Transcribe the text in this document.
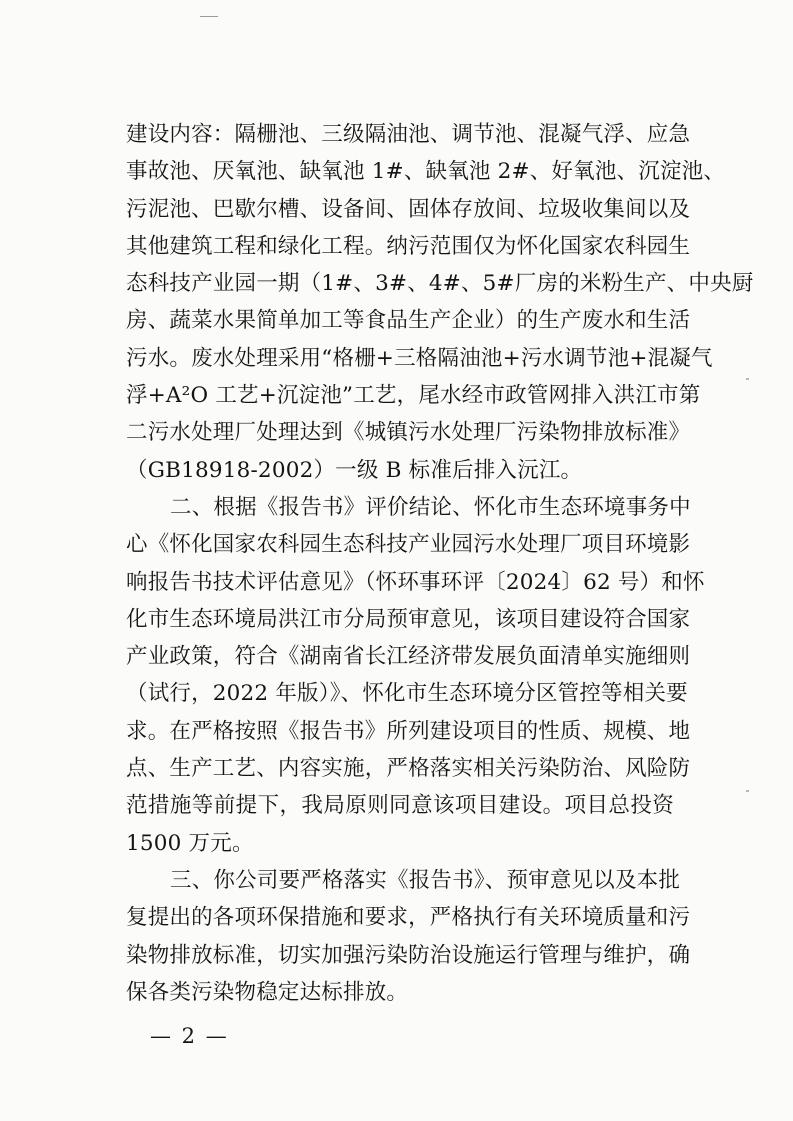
建设内容：隔栅池、三级隔油池、调节池、混凝气浮、应急
事故池、厌氧池、缺氧池 1#、缺氧池 2#、好氧池、沉淀池、
污泥池、巴歇尔槽、设备间、固体存放间、垃圾收集间以及
其他建筑工程和绿化工程。纳污范围仅为怀化国家农科园生
态科技产业园一期（1#、3#、4#、5#厂房的米粉生产、中央厨
房、蔬菜水果简单加工等食品生产企业）的生产废水和生活
污水。废水处理采用“格栅+三格隔油池+污水调节池+混凝气
浮+A²O 工艺+沉淀池”工艺，尾水经市政管网排入洪江市第
二污水处理厂处理达到《城镇污水处理厂污染物排放标准》
（GB18918-2002）一级 B 标准后排入沅江。
二、根据《报告书》评价结论、怀化市生态环境事务中
心《怀化国家农科园生态科技产业园污水处理厂项目环境影
响报告书技术评估意见》（怀环事环评〔2024〕62 号）和怀
化市生态环境局洪江市分局预审意见，该项目建设符合国家
产业政策，符合《湖南省长江经济带发展负面清单实施细则
（试行，2022 年版）》、怀化市生态环境分区管控等相关要
求。在严格按照《报告书》所列建设项目的性质、规模、地
点、生产工艺、内容实施，严格落实相关污染防治、风险防
范措施等前提下，我局原则同意该项目建设。项目总投资
1500 万元。
三、你公司要严格落实《报告书》、预审意见以及本批
复提出的各项环保措施和要求，严格执行有关环境质量和污
染物排放标准，切实加强污染防治设施运行管理与维护，确
保各类污染物稳定达标排放。
— 2 —
